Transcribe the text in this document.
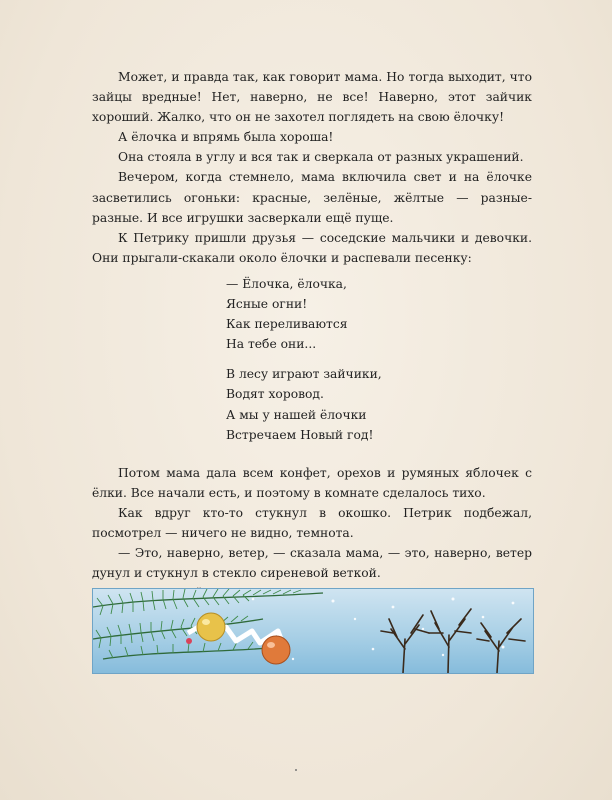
Может, и правда так, как говорит мама. Но тогда выходит, что зайцы вредные! Нет, наверно, не все! Наверно, этот зайчик хороший. Жалко, что он не захотел поглядеть на свою ёлочку!

А ёлочка и впрямь была хороша!

Она стояла в углу и вся так и сверкала от разных украшений.

Вечером, когда стемнело, мама включила свет и на ёлочке засветились огоньки: красные, зелёные, жёлтые — разные-разные. И все игрушки засверкали ещё пуще.

К Петрику пришли друзья — соседские мальчики и девочки. Они прыгали-скакали около ёлочки и распевали песенку:

— Ёлочка, ёлочка,
Ясные огни!
Как переливаются
На тебе они...
В лесу играют зайчики,
Водят хоровод.
А мы у нашей ёлочки
Встречаем Новый год!

Потом мама дала всем конфет, орехов и румяных яблочек с ёлки. Все начали есть, и поэтому в комнате сделалось тихо.

Как вдруг кто-то стукнул в окошко. Петрик подбежал, посмотрел — ничего не видно, темнота.

— Это, наверно, ветер, — сказала мама, — это, наверно, ветер дунул и стукнул в стекло сиреневой веткой.
